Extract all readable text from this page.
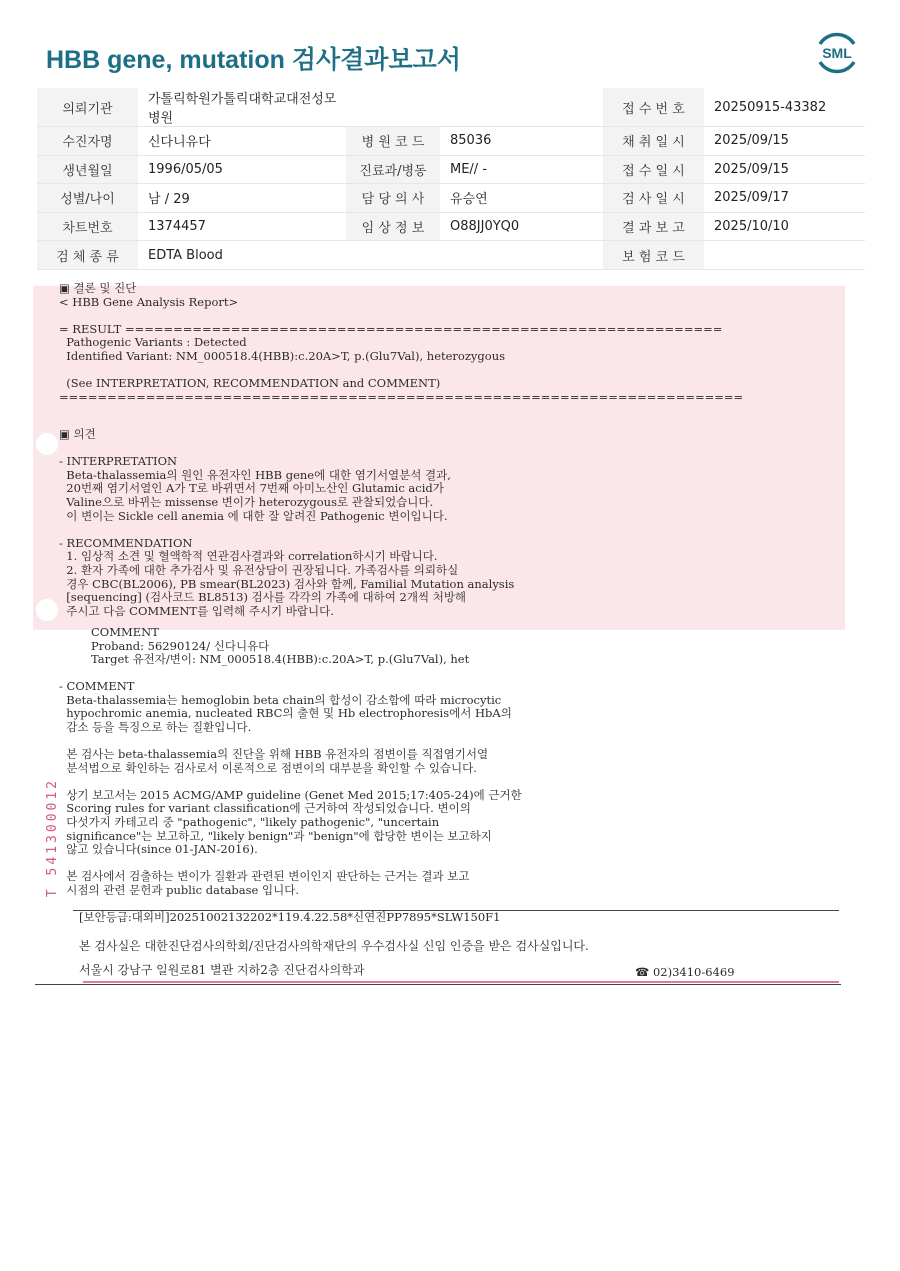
HBB gene, mutation 검사결과보고서	SML
의뢰기관	가톨릭학원가톨릭대학교대전성모병원			접 수 번 호	20250915-43382
수진자명	신다니유다	병 원 코 드	85036	채 취 일 시	2025/09/15
생년월일	1996/05/05	진료과/병동	ME// -	접 수 일 시	2025/09/15
성별/나이	남 / 29	담 당 의 사	유승연	검 사 일 시	2025/09/17
차트번호	1374457	임 상 정 보	O88JJ0YQ0	결 과 보 고	2025/10/10
검 체 종 류	EDTA Blood			보 험 코 드	
▣ 결론 및 진단
< HBB Gene Analysis Report>

= RESULT ==============================================================
Pathogenic Variants : Detected
Identified Variant: NM_000518.4(HBB):c.20A>T, p.(Glu7Val), heterozygous

(See INTERPRETATION, RECOMMENDATION and COMMENT)
=======================================================================
▣ 의견

- INTERPRETATION
Beta-thalassemia의 원인 유전자인 HBB gene에 대한 염기서열분석 결과,
20번째 염기서열인 A가 T로 바뀌면서 7번째 아미노산인 Glutamic acid가
Valine으로 바뀌는 missense 변이가 heterozygous로 관찰되었습니다.
이 변이는 Sickle cell anemia 에 대한 잘 알려진 Pathogenic 변이입니다.

- RECOMMENDATION
1. 임상적 소견 및 혈액학적 연관검사결과와 correlation하시기 바랍니다.
2. 환자 가족에 대한 추가검사 및 유전상담이 권장됩니다. 가족검사를 의뢰하실
경우 CBC(BL2006), PB smear(BL2023) 검사와 함께, Familial Mutation analysis
[sequencing] (검사코드 BL8513) 검사를 각각의 가족에 대하여 2개씩 처방해
주시고 다음 COMMENT를 입력해 주시기 바랍니다.
COMMENT
Proband: 56290124/ 신다니유다
Target 유전자/변이: NM_000518.4(HBB):c.20A>T, p.(Glu7Val), het
- COMMENT
Beta-thalassemia는 hemoglobin beta chain의 합성이 감소함에 따라 microcytic
hypochromic anemia, nucleated RBC의 출현 및 Hb electrophoresis에서 HbA의
감소 등을 특징으로 하는 질환입니다.

본 검사는 beta-thalassemia의 진단을 위해 HBB 유전자의 점변이를 직접염기서열
분석법으로 확인하는 검사로서 이론적으로 점변이의 대부분을 확인할 수 있습니다.

상기 보고서는 2015 ACMG/AMP guideline (Genet Med 2015;17:405-24)에 근거한
Scoring rules for variant classification에 근거하여 작성되었습니다. 변이의
다섯가지 카테고리 중 "pathogenic", "likely pathogenic", "uncertain
significance"는 보고하고, "likely benign"과 "benign"에 합당한 변이는 보고하지
않고 있습니다(since 01-JAN-2016).

본 검사에서 검출하는 변이가 질환과 관련된 변이인지 판단하는 근거는 결과 보고
시점의 관련 문헌과 public database 입니다.
T 541300012
[보안등급:대외비]20251002132202*119.4.22.58*신연진PP7895*SLW150F1
본 검사실은 대한진단검사의학회/진단검사의학재단의 우수검사실 신임 인증을 받은 검사실입니다.
서울시 강남구 일원로81 별관 지하2층 진단검사의학과	☎ 02)3410-6469
